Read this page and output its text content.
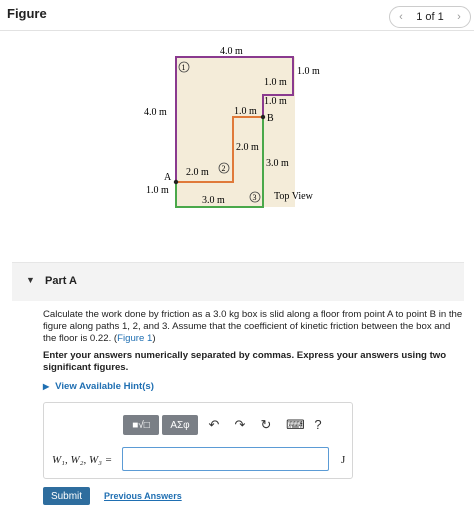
Figure	‹	1 of 1	›
4.0 m
1.0 m
1.0 m
1.0 m
4.0 m	1.0 m
B
2.0 m
3.0 m
A 2.0 m
1.0 m
3.0 m	Top View
1
2
3
▼ Part A
Calculate the work done by friction as a 3.0 kg box is slid along a floor from point A to point B in the figure along paths 1, 2, and 3. Assume that the coefficient of kinetic friction between the box and the floor is 0.22. (Figure 1)
Enter your answers numerically separated by commas. Express your answers using two significant figures.
▶ View Available Hint(s)
■√□	ΑΣφ	↶ ↷ ↻ ⌨ ?
W₁, W₂, W₃ =	J
Submit	Previous Answers
